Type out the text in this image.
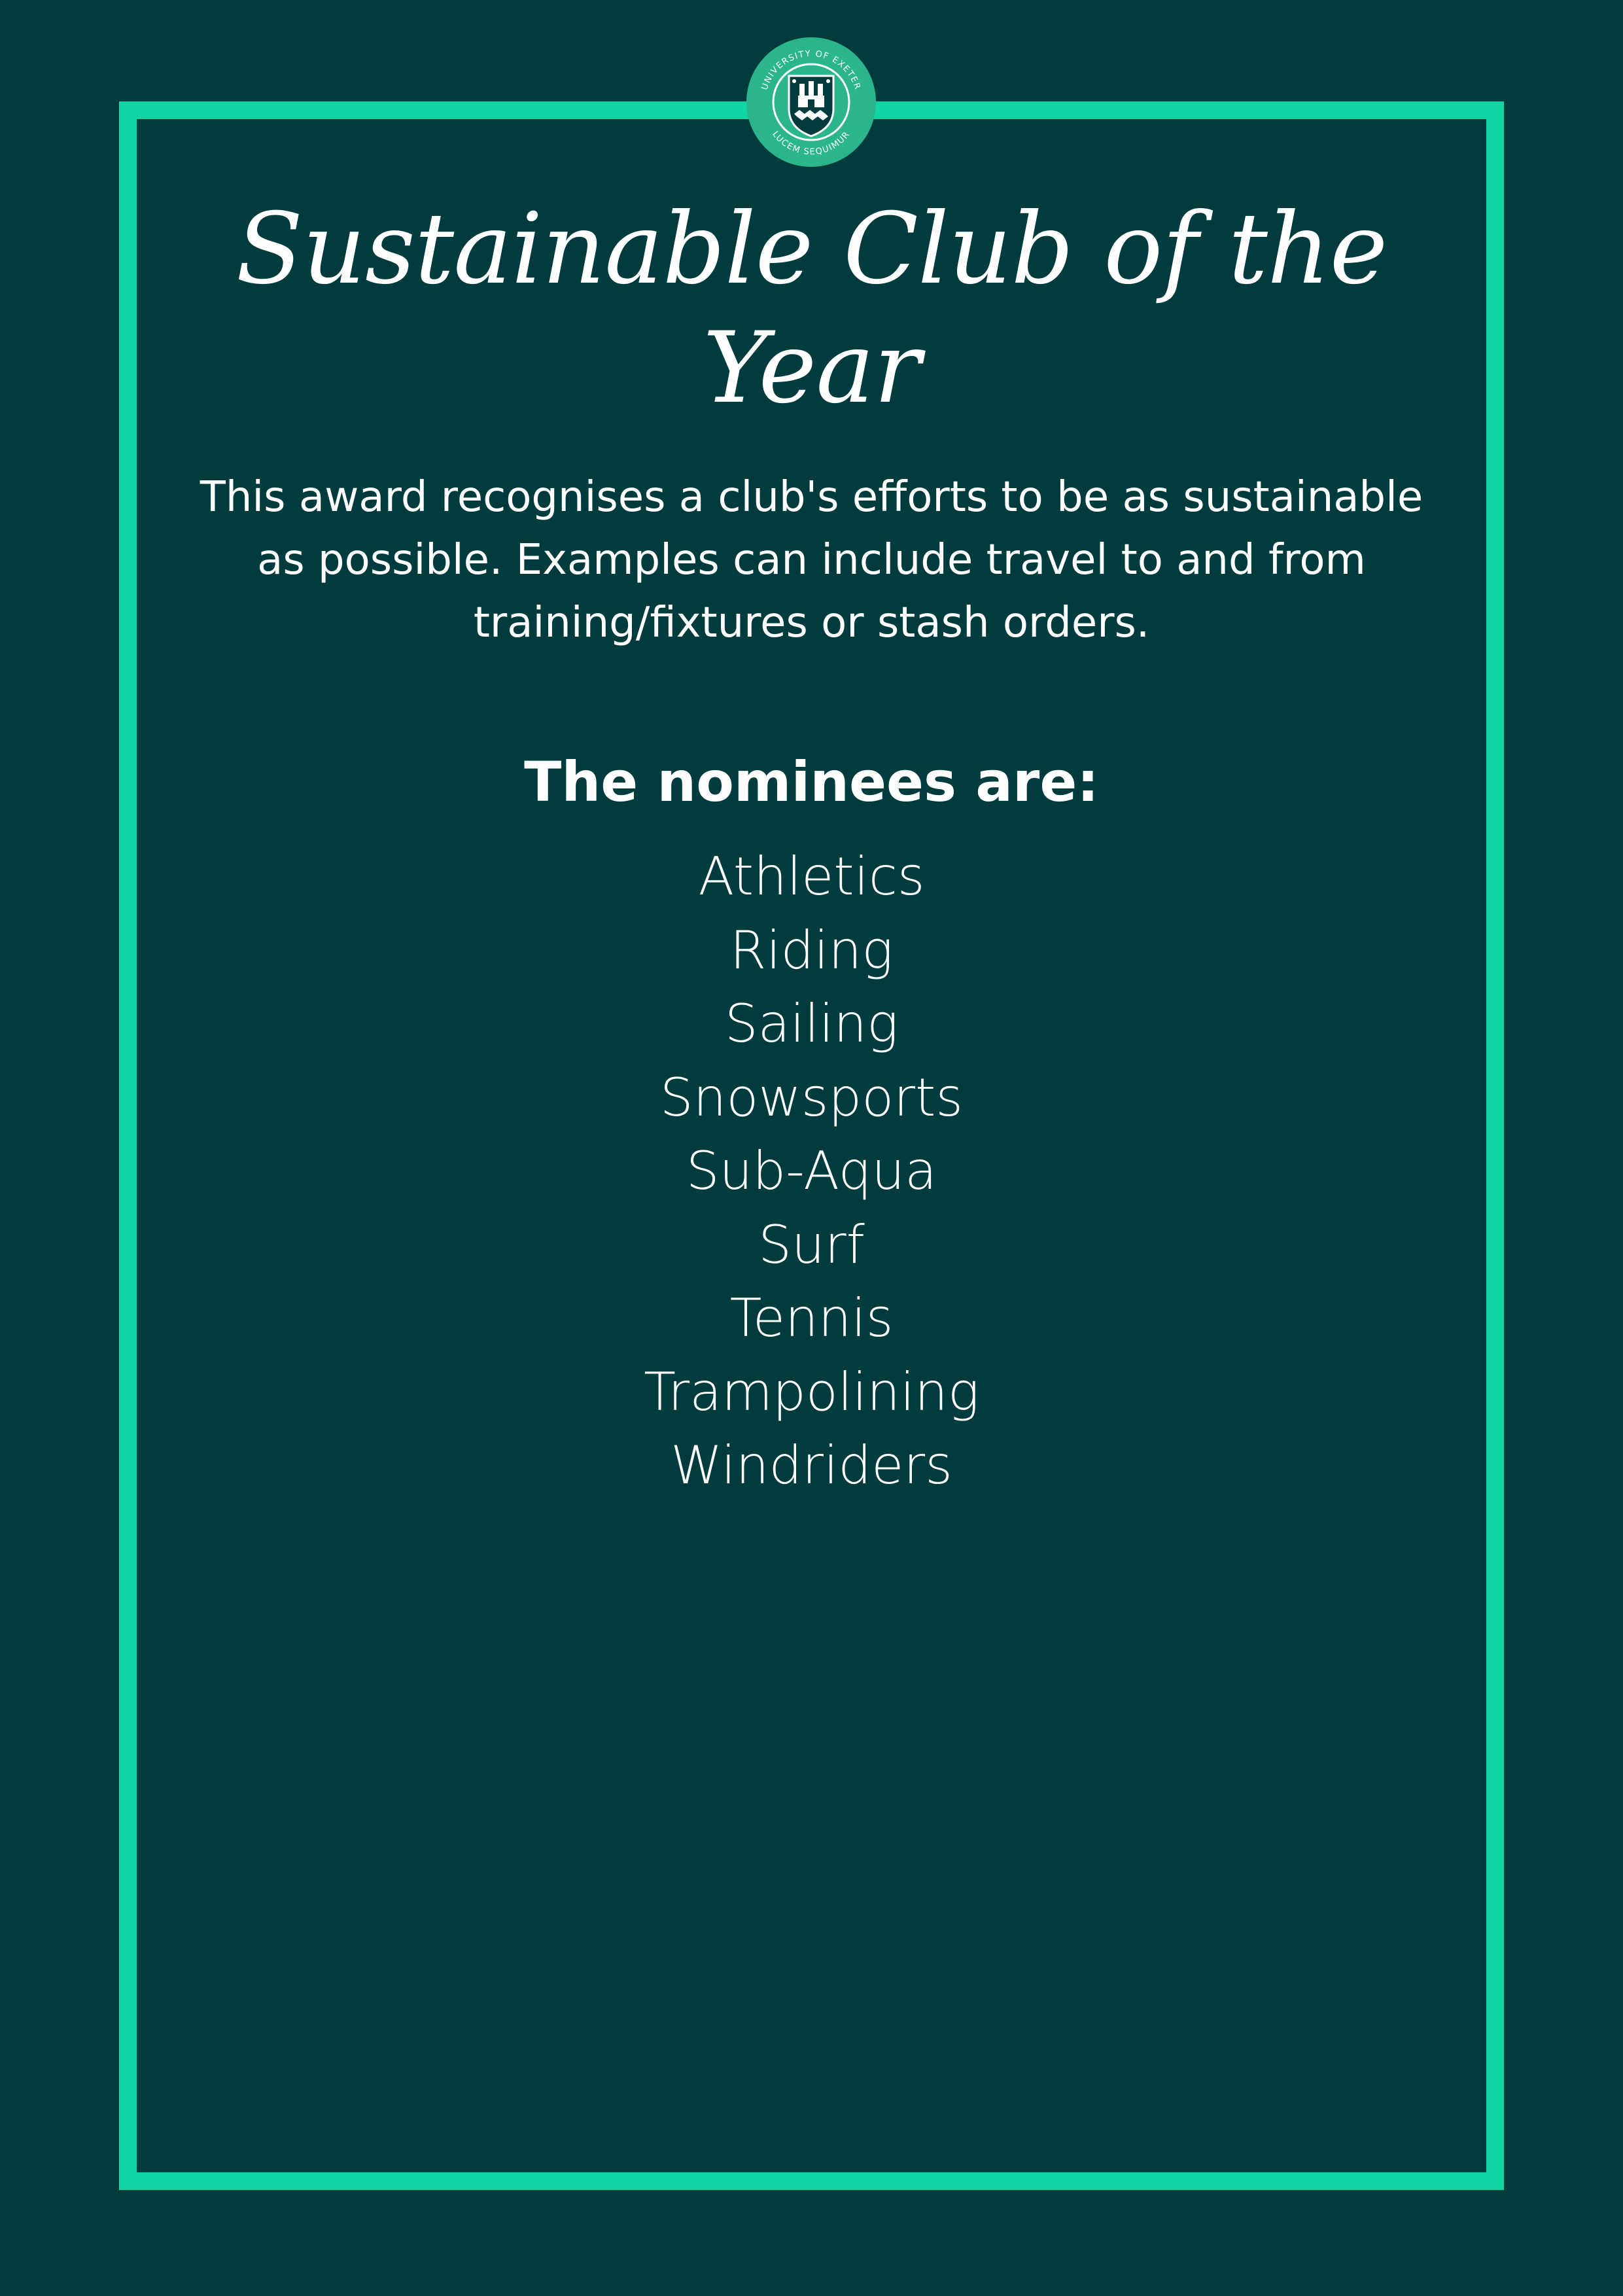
UNIVERSITY OF EXETER
LUCEM SEQUIMUR
Sustainable Club of the
Year

This award recognises a club's efforts to be as sustainable
as possible. Examples can include travel to and from
training/fixtures or stash orders.

The nominees are:
Athletics
Riding
Sailing
Snowsports
Sub-Aqua
Surf
Tennis
Trampolining
Windriders
